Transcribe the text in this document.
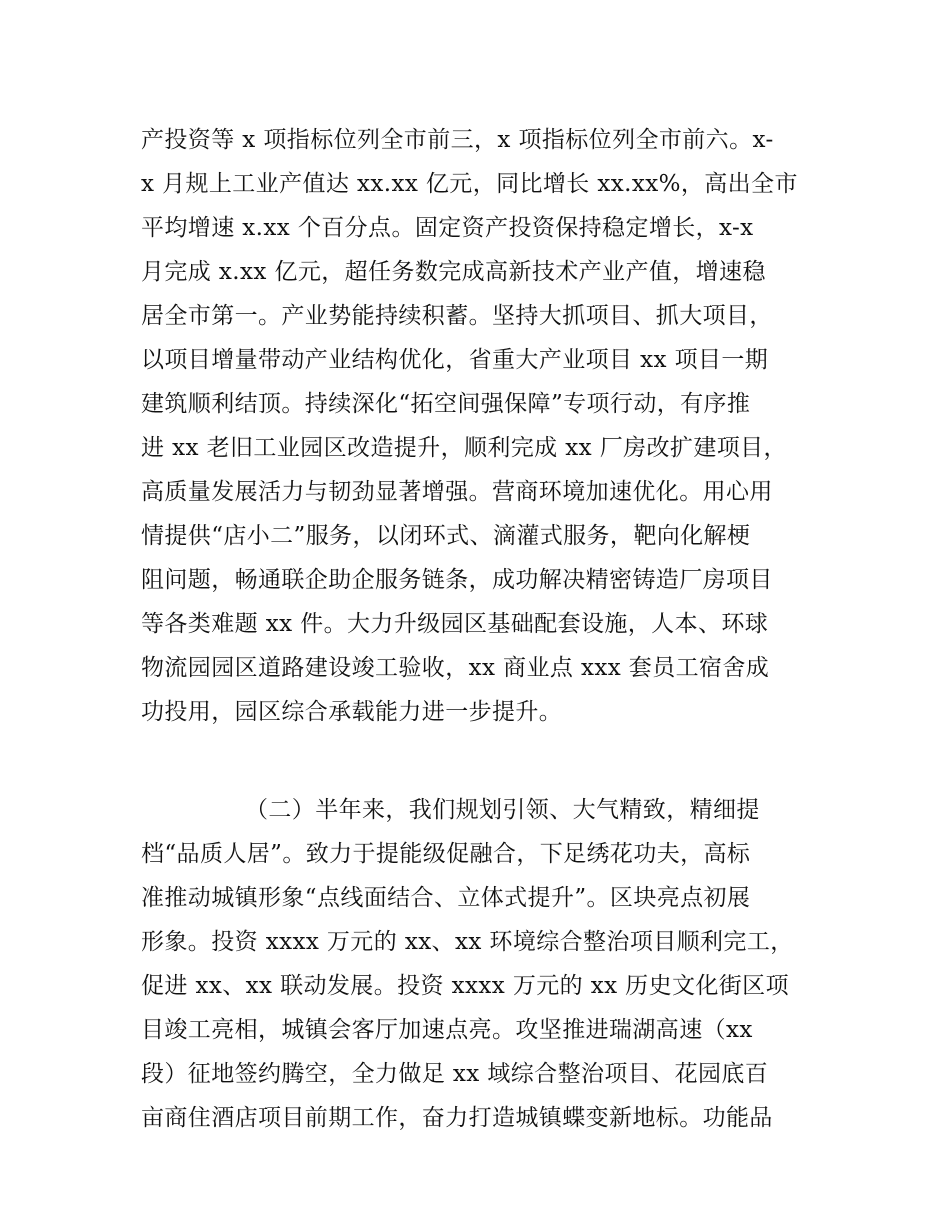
产投资等 x 项指标位列全市前三，x 项指标位列全市前六。x-
x 月规上工业产值达 xx.xx 亿元，同比增长 xx.xx%，高出全市
平均增速 x.xx 个百分点。固定资产投资保持稳定增长，x-x
月完成 x.xx 亿元，超任务数完成高新技术产业产值，增速稳
居全市第一。产业势能持续积蓄。坚持大抓项目、抓大项目，
以项目增量带动产业结构优化，省重大产业项目 xx 项目一期
建筑顺利结顶。持续深化“拓空间强保障”专项行动，有序推
进 xx 老旧工业园区改造提升，顺利完成 xx 厂房改扩建项目，
高质量发展活力与韧劲显著增强。营商环境加速优化。用心用
情提供“店小二”服务，以闭环式、滴灌式服务，靶向化解梗
阻问题，畅通联企助企服务链条，成功解决精密铸造厂房项目
等各类难题 xx 件。大力升级园区基础配套设施，人本、环球
物流园园区道路建设竣工验收，xx 商业点 xxx 套员工宿舍成
功投用，园区综合承载能力进一步提升。
（二）半年来，我们规划引领、大气精致，精细提
档“品质人居”。致力于提能级促融合，下足绣花功夫，高标
准推动城镇形象“点线面结合、立体式提升”。区块亮点初展
形象。投资 xxxx 万元的 xx、xx 环境综合整治项目顺利完工，
促进 xx、xx 联动发展。投资 xxxx 万元的 xx 历史文化街区项
目竣工亮相，城镇会客厅加速点亮。攻坚推进瑞湖高速（xx
段）征地签约腾空，全力做足 xx 域综合整治项目、花园底百
亩商住酒店项目前期工作，奋力打造城镇蝶变新地标。功能品
